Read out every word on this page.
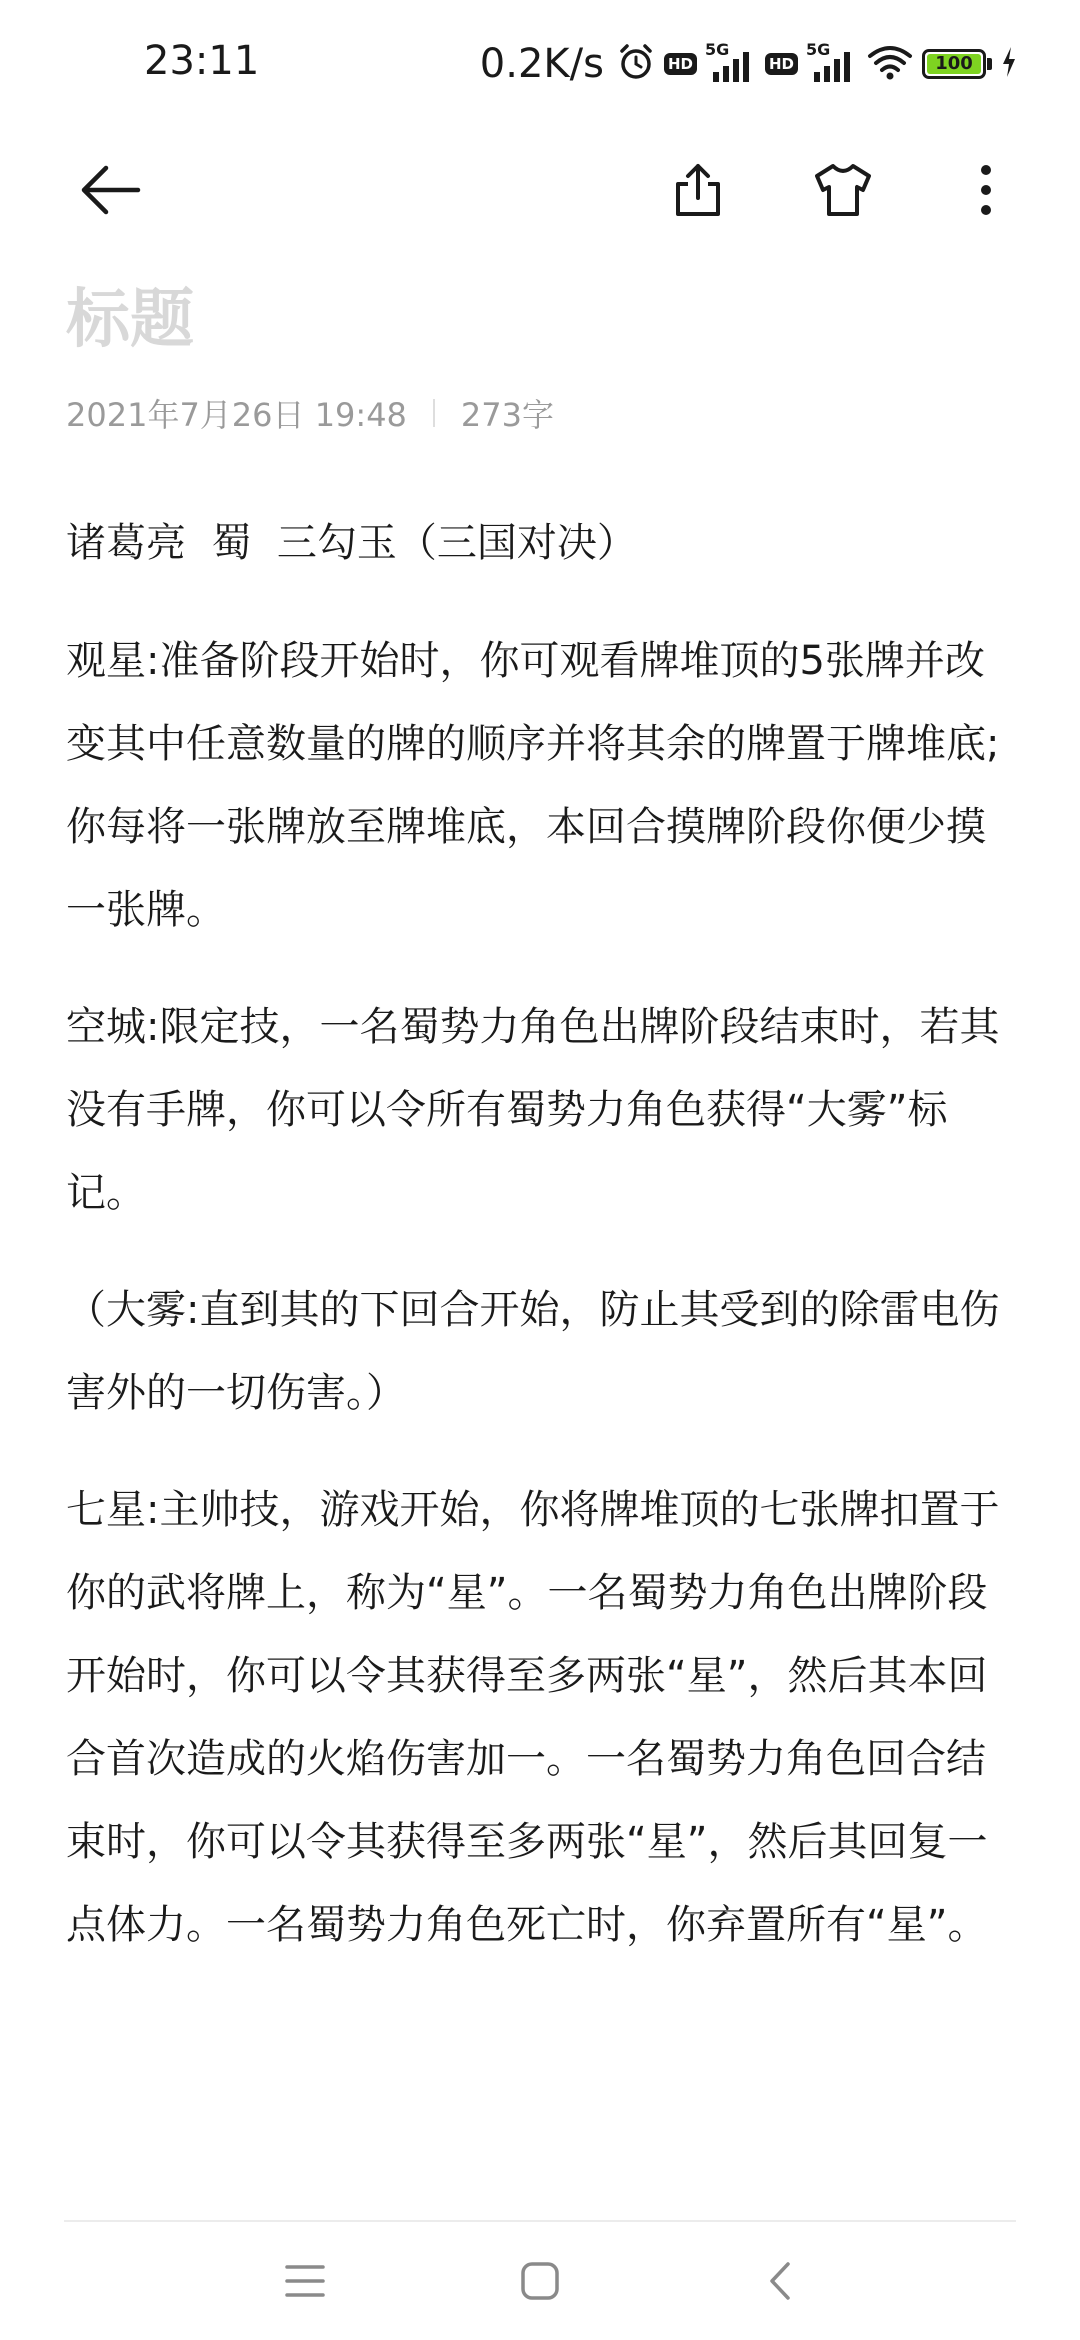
23:11	0.2K/s	HD
5G
HD
5G
100
标题
2021年7月26日 19:48 273字

诸葛亮  蜀  三勾玉（三国对决）

观星:准备阶段开始时，你可观看牌堆顶的5张牌并改变其中任意数量的牌的顺序并将其余的牌置于牌堆底;你每将一张牌放至牌堆底，本回合摸牌阶段你便少摸一张牌。

空城:限定技，一名蜀势力角色出牌阶段结束时，若其没有手牌，你可以令所有蜀势力角色获得“大雾”标记。

（大雾:直到其的下回合开始，防止其受到的除雷电伤害外的一切伤害。）

七星:主帅技，游戏开始，你将牌堆顶的七张牌扣置于你的武将牌上，称为“星”。一名蜀势力角色出牌阶段开始时，你可以令其获得至多两张“星”，然后其本回合首次造成的火焰伤害加一。一名蜀势力角色回合结束时，你可以令其获得至多两张“星”，然后其回复一点体力。一名蜀势力角色死亡时，你弃置所有“星”。
